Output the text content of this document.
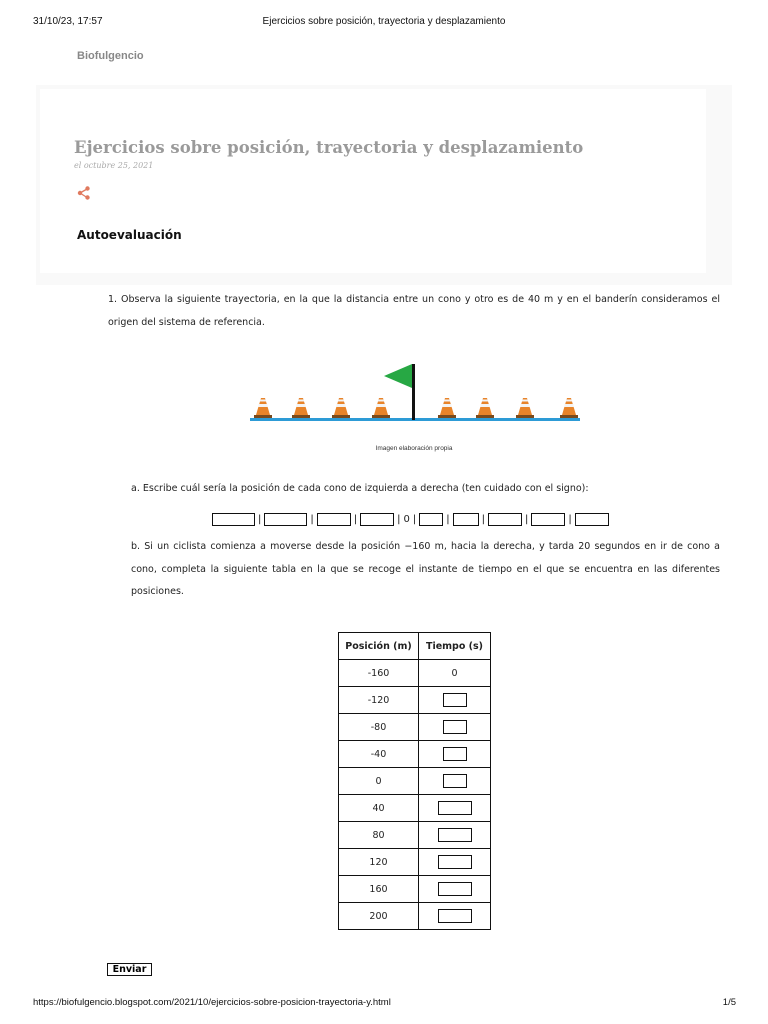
31/10/23, 17:57	Ejercicios sobre posición, trayectoria y desplazamiento
Biofulgencio
Ejercicios sobre posición, trayectoria y desplazamiento
el octubre 25, 2021
Autoevaluación
1. Observa la siguiente trayectoria, en la que la distancia entre un cono y otro es de 40 m y en el banderín consideramos el origen del sistema de referencia.
Imagen elaboración propia
a. Escribe cuál sería la posición de cada cono de izquierda a derecha (ten cuidado con el signo):
|	|	|	| 0 |	|	|	|	|
b. Si un ciclista comienza a moverse desde la posición −160 m, hacia la derecha, y tarda 20 segundos en ir de cono a cono, completa la siguiente tabla en la que se recoge el instante de tiempo en el que se encuentra en las diferentes posiciones.
Posición (m)	Tiempo (s)
-160	0
-120	
-80	
-40	
0	
40	
80	
120	
160	
200	
Enviar
https://biofulgencio.blogspot.com/2021/10/ejercicios-sobre-posicion-trayectoria-y.html	1/5
